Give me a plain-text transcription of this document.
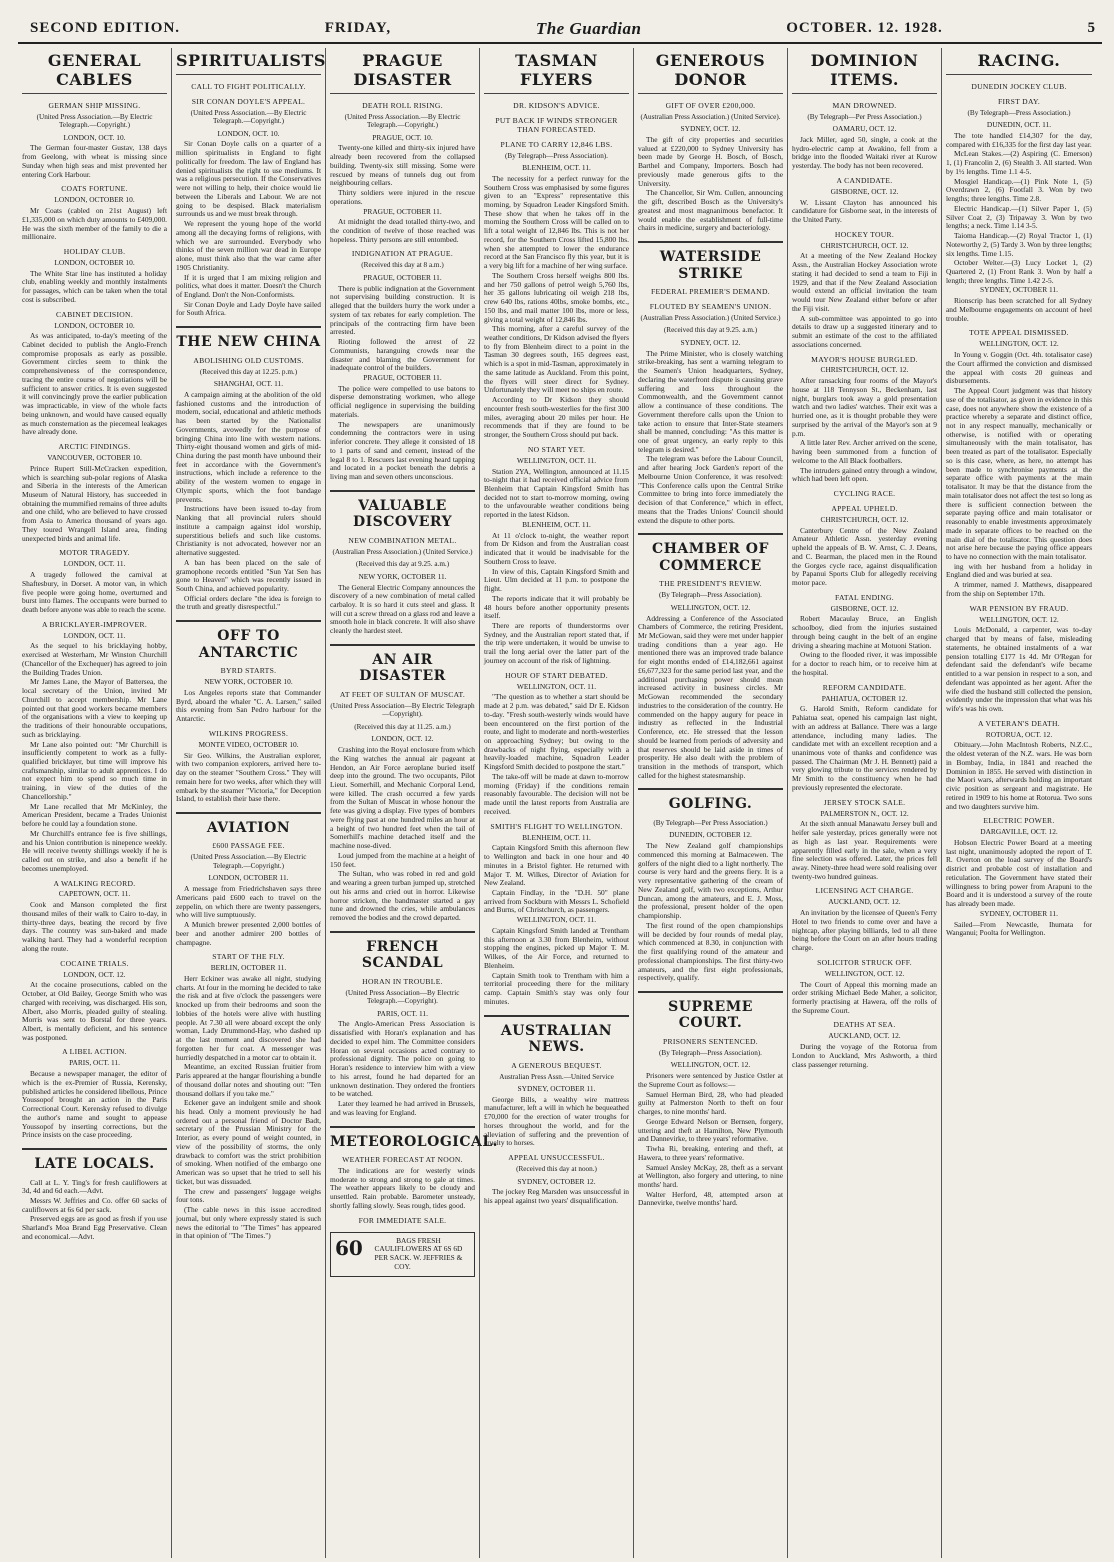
SECOND EDITION.	FRIDAY,	The Guardian	OCTOBER. 12. 1928.	5
GENERAL CABLES
GERMAN SHIP MISSING.
(United Press Association.—By Electric Telegraph.—Copyright.)
LONDON, OCT. 10.

The German four-master Gustav, 138 days from Geelong, with wheat is missing since Sunday when high seas and mist prevented her entering Cork Harbour.

COATS FORTUNE.
LONDON, OCTOBER 10.

Mr Coats (cabled on 21st August) left £1,335,000 on which duty amounts to £409,000. He was the sixth member of the family to die a millionaire.

HOLIDAY CLUB.
LONDON, OCTOBER 10.

The White Star line has instituted a holiday club, enabling weekly and monthly instalments for passages, which can be taken when the total cost is subscribed.

CABINET DECISION.
LONDON, OCTOBER 10.

As was anticipated, to-day's meeting of the Cabinet decided to publish the Anglo-French compromise proposals as early as possible. Government circles seem to think the comprehensiveness of the correspondence, tracing the entire course of negotiations will be sufficient to answer critics. It is even suggested it will convincingly prove the earlier publication was impracticable, in view of the whole facts being unknown, and would have caused equally as much consternation as the piecemeal leakages have already done.

ARCTIC FINDINGS.
VANCOUVER, OCTOBER 10.

Prince Rupert Still-McCracken expedition, which is searching sub-polar regions of Alaska and Siberia in the interests of the American Museum of Natural History, has succeeded in obtaining the mummified remains of three adults and one child, who are believed to have crossed from Asia to America thousand of years ago. They toured Wrangell Island area, finding unexpected birds and animal life.

MOTOR TRAGEDY.
LONDON, OCT. 11.

A tragedy followed the carnival at Shaftesbury, in Dorset. A motor van, in which five people were going home, overturned and burst into flames. The occupants were burned to death before anyone was able to reach the scene.

A BRICKLAYER-IMPROVER.
LONDON, OCT. 11.

As the sequel to his bricklaying hobby, exercised at Westerham, Mr Winston Churchill (Chancellor of the Exchequer) has agreed to join the Building Trades Union.

Mr James Lane, the Mayor of Battersea, the local secretary of the Union, invited Mr Churchill to accept membership. Mr Lane pointed out that good workers became members of the organisations with a view to keeping up the traditions of their honourable occupations, such as bricklaying.

Mr Lane also pointed out: "Mr Churchill is insufficiently competent to work as a fully-qualified bricklayer, but time will improve his craftsmanship, similar to adult apprentices. I do not expect him to spend so much time in training, in view of the duties of the Chancellorship."

Mr Lane recalled that Mr McKinley, the American President, became a Trades Unionist before he could lay a foundation stone.

Mr Churchill's entrance fee is five shillings, and his Union contribution is ninepence weekly. He will receive twenty shillings weekly if he is called out on strike, and also a benefit if he becomes unemployed.

A WALKING RECORD.
CAPETOWN, OCT. 11.

Cook and Manson completed the first thousand miles of their walk to Cairo to-day, in thirty-three days, beating the record by five days. The country was sun-baked and made walking hard. They had a wonderful reception along the route.

COCAINE TRIALS.
LONDON, OCT. 12.

At the cocaine prosecutions, cabled on the October, at Old Bailey, George Smith who was charged with receiving, was discharged. His son, Albert, also Morris, pleaded guilty of stealing. Morris was sent to Borstal for three years. Albert, is mentally deficient, and his sentence was postponed.

A LIBEL ACTION.
PARIS, OCT. 11.

Because a newspaper manager, the editor of which is the ex-Premier of Russia, Kerensky, published articles he considered libellous, Prince Youssopof brought an action in the Paris Correctional Court. Kerensky refused to divulge the author's name and sought to appease Youssopof by inserting corrections, but the Prince insists on the case proceeding.

LATE LOCALS.

Call at L. Y. Ting's for fresh cauliflowers at 3d, 4d and 6d each.—Advt.

Messrs W. Jeffries and Co. offer 60 sacks of cauliflowers at 6s 6d per sack.

Preserved eggs are as good as fresh if you use Sharland's Moa Brand Egg Preservative. Clean and economical.—Advt.

SPIRITUALISTS
CALL TO FIGHT POLITICALLY.
SIR CONAN DOYLE'S APPEAL.
(United Press Association.—By Electric Telegraph.—Copyright.)
LONDON, OCT. 10.

Sir Conan Doyle calls on a quarter of a million spiritualists in England to fight politically for freedom. The law of England has denied spiritualists the right to use mediums. It was a religious persecution. If the Conservatives were not willing to help, their choice would lie between the Liberals and Labour. We are not going to be despised. Black materialism surrounds us and we must break through.

We represent the young hope of the world among all the decaying forms of religions, with which we are surrounded. Everybody who thinks of the seven million war dead in Europe alone, must think also that the war came after 1905 Christianity.

If it is urged that I am mixing religion and politics, what does it matter. Doesn't the Church of England. Don't the Non-Conformists.

Sir Conan Doyle and Lady Doyle have sailed for South Africa.

THE NEW CHINA
ABOLISHING OLD CUSTOMS.
(Received this day at 12.25. p.m.)
SHANGHAI, OCT. 11.

A campaign aiming at the abolition of the old fashioned customs and the introduction of modern, social, educational and athletic methods has been started by the Nationalist Governments, avowedly for the purpose of bringing China into line with western nations. Thirty-eight thousand women and girls of mid-China during the past month have unbound their feet in accordance with the Government's instructions, which include a reference to the ability of the western women to engage in Olympic sports, which the foot bandage prevents.

Instructions have been issued to-day from Nanking that all provincial rulers should institute a campaign against idol worship, superstitious beliefs and such like customs. Christianity is not advocated, however nor an alternative suggested.

A ban has been placed on the sale of gramophone records entitled "Sun Yat Sen has gone to Heaven" which was recently issued in South China, and achieved popularity.

Official orders declare "the idea is foreign to the truth and greatly disrespectful."

OFF TO ANTARCTIC
BYRD STARTS.
NEW YORK, OCTOBER 10.

Los Angeles reports state that Commander Byrd, aboard the whaler "C. A. Larsen," sailed this evening from San Pedro harbour for the Antarctic.

WILKINS PROGRESS.
MONTE VIDEO, OCTOBER 10.

Sir Geo. Wilkins, the Australian explorer, with two companion explorers, arrived here to-day on the steamer "Southern Cross." They will remain here for two weeks, after which they will embark by the steamer "Victoria," for Deception Island, to establish their base there.

AVIATION
£600 PASSAGE FEE.
(United Press Association.—By Electric Telegraph.—Copyright.)
LONDON, OCTOBER 11.

A message from Friedrichshaven says three Americans paid £600 each to travel on the zeppelin, on which there are twenty passengers, who will live sumptuously.

A Munich brewer presented 2,000 bottles of beer and another admirer 200 bottles of champagne.

START OF THE FLY.
BERLIN, OCTOBER 11.

Herr Eckiner was awake all night, studying charts. At four in the morning he decided to take the risk and at five o'clock the passengers were knocked up from their bedrooms and soon the lobbies of the hotels were alive with hustling people. At 7.30 all were aboard except the only woman, Lady Drummond-Hay, who dashed up at the last moment and discovered she had forgotten her fur coat. A messenger was hurriedly despatched in a motor car to obtain it.

Meantime, an excited Russian fruitier from Paris appeared at the hangar flourishing a bundle of thousand dollar notes and shouting out: "Ten thousand dollars if you take me."

Eckener gave an indulgent smile and shook his head. Only a moment previously he had ordered out a personal friend of Doctor Badt, secretary of the Prussian Ministry for the Interior, as every pound of weight counted, in view of the possibility of storms, the only drawback to comfort was the strict prohibition of smoking. When notified of the embargo one American was so upset that he tried to sell his ticket, but was dissuaded.

The crew and passengers' luggage weighs four tons.

(The cable news in this issue accredited journal, but only where expressly stated is such news the editorial to "The Times" has appeared in that opinion of "The Times.")

PRAGUE DISASTER
DEATH ROLL RISING.
(United Press Association.—By Electric Telegraph.—Copyright.)
PRAGUE, OCT. 10.

Twenty-one killed and thirty-six injured have already been recovered from the collapsed building. Twenty-six still missing. Some were rescued by means of tunnels dug out from neighbouring cellars.

Thirty soldiers were injured in the rescue operations.

PRAGUE, OCTOBER 11.

At midnight the dead totalled thirty-two, and the condition of twelve of those reached was hopeless. Thirty persons are still entombed.

INDIGNATION AT PRAGUE.
(Received this day at 8 a.m.)
PRAGUE, OCTOBER 11.

There is public indignation at the Government not supervising building construction. It is alleged that the builders hurry the work under a system of tax rebates for early completion. The principals of the contracting firm have been arrested.

Rioting followed the arrest of 22 Communists, haranguing crowds near the disaster and blaming the Government for inadequate control of the builders.

PRAGUE, OCTOBER 11.

The police were compelled to use batons to disperse demonstrating workmen, who allege official negligence in supervising the building materials.

The newspapers are unanimously condemning the contractors were in using inferior concrete. They allege it consisted of 18 to 1 parts of sand and cement, instead of the legal 8 to 1. Rescuers last evening heard tapping and located in a pocket beneath the debris a living man and seven others unconscious.

VALUABLE DISCOVERY
NEW COMBINATION METAL.
(Australian Press Association.) (United Service.)
(Received this day at 9.25. a.m.)
NEW YORK, OCTOBER 11.

The General Electric Company announces the discovery of a new combination of metal called carbaloy. It is so hard it cuts steel and glass. It will cut a screw thread on a glass rod and leave a smooth hole in black concrete. It will also shave cleanly the hardest steel.

AN AIR DISASTER
AT FEET OF SULTAN OF MUSCAT.
(United Press Association—By Electric Telegraph—Copyright).
(Received this day at 11.25. a.m.)
LONDON, OCT. 12.

Crashing into the Royal enclosure from which the King watches the annual air pageant at Hendon, an Air Force aeroplane buried itself deep into the ground. The two occupants, Pilot Lieut. Somerhill, and Mechanic Corporal Lend, were killed. The crash occurred a few yards from the Sultan of Muscat in whose honour the fete was giving a display. Five types of bombers were flying past at one hundred miles an hour at a height of two hundred feet when the tail of Somerhill's machine detached itself and the machine nose-dived.

Loud jumped from the machine at a height of 150 feet.

The Sultan, who was robed in red and gold and wearing a green turban jumped up, stretched out his arms and cried out in horror. Likewise horror stricken, the bandmaster started a gay tune and drowned the cries, while ambulances removed the bodies and the crowd departed.

FRENCH SCANDAL
HORAN IN TROUBLE.
(United Press Association—By Electric Telegraph.—Copyright).
PARIS, OCT. 11.

The Anglo-American Press Association is dissatisfied with Horan's explanation and has decided to expel him. The Committee considers Horan on several occasions acted contrary to professional dignity. The police on going to Horan's residence to interview him with a view to his arrest, found he had departed for an unknown destination. They ordered the frontiers to be watched.

Later they learned he had arrived in Brussels, and was leaving for England.

METEOROLOGICAL.
WEATHER FORECAST AT NOON.

The indications are for westerly winds moderate to strong and strong to gale at times. The weather appears likely to be cloudy and unsettled. Rain probable. Barometer unsteady, shortly falling slowly. Seas rough, tides good.

FOR IMMEDIATE SALE.
60	BAGS FRESH CAULIFLOWERS AT 6S 6D PER SACK. W. JEFFRIES & COY.
TASMAN FLYERS
DR. KIDSON'S ADVICE.
PUT BACK IF WINDS STRONGER THAN FORECASTED.
PLANE TO CARRY 12,846 LBS.
(By Telegraph—Press Association).
BLENHEIM, OCT. 11.

The necessity for a perfect runway for the Southern Cross was emphasised by some figures given to an "Express" representative this morning, by Squadron Leader Kingsford Smith. These show that when he takes off in the morning the Southern Cross will be called on to lift a total weight of 12,846 lbs. This is not her record, for the Southern Cross lifted 15,800 lbs. when she attempted to lower the endurance record at the San Francisco fly this year, but it is a very big lift for a machine of her wing surface.

The Southern Cross herself weighs 800 lbs. and her 750 gallons of petrol weigh 5,760 lbs, her 35 gallons lubricating oil weigh 218 lbs, crew 640 lbs, rations 40lbs, smoke bombs, etc., 150 lbs, and mail matter 100 lbs, more or less, giving a total weight of 12,846 lbs.

This morning, after a careful survey of the weather conditions, Dr Kidson advised the flyers to fly from Blenheim direct to a point in the Tasman 30 degrees south, 165 degrees east, which is a spot in mid-Tasman, approximately in the same latitude as Auckland. From this point, the flyers will steer direct for Sydney. Unfortunately they will meet no ships en route.

According to Dr Kidson they should encounter fresh south-westerlies for the first 300 miles, averaging about 20 miles per hour. He recommends that if they are found to be stronger, the Southern Cross should put back.

NO START YET.
WELLINGTON, OCT. 11.

Station 2YA, Wellington, announced at 11.15 to-night that it had received official advice from Blenheim that Captain Kingsford Smith has decided not to start to-morrow morning, owing to the unfavourable weather conditions being reported in the latest Kidson.

BLENHEIM, OCT. 11.

At 11 o'clock to-night, the weather report from Dr Kidson and from the Australian coast indicated that it would be inadvisable for the Southern Cross to leave.

In view of this, Captain Kingsford Smith and Lieut. Ulm decided at 11 p.m. to postpone the flight.

The reports indicate that it will probably be 48 hours before another opportunity presents itself.

There are reports of thunderstorms over Sydney, and the Australian report stated that, if the trip were undertaken, it would be unwise to trail the long aerial over the latter part of the journey on account of the risk of lightning.

HOUR OF START DEBATED.
WELLINGTON, OCT. 11.

"The question as to whether a start should be made at 2 p.m. was debated," said Dr E. Kidson to-day. "Fresh south-westerly winds would have been encountered on the first portion of the route, and light to moderate and north-westerlies on approaching Sydney; but owing to the drawbacks of night flying, especially with a heavily-loaded machine, Squadron Leader Kingsford Smith decided to postpone the start."

The take-off will be made at dawn to-morrow morning (Friday) if the conditions remain reasonably favourable. The decision will not be made until the latest reports from Australia are received.

SMITH'S FLIGHT TO WELLINGTON.
BLENHEIM, OCT. 11.

Captain Kingsford Smith this afternoon flew to Wellington and back in one hour and 40 minutes in a Bristol fighter. He returned with Major T. M. Wilkes, Director of Aviation for New Zealand.

Captain Findlay, in the "D.H. 50" plane arrived from Sockburn with Messrs L. Schofield and Burns, of Christchurch, as passengers.

WELLINGTON, OCT. 11.

Captain Kingsford Smith landed at Trentham this afternoon at 3.30 from Blenheim, without stopping the engines, picked up Major T. M. Wilkes, of the Air Force, and returned to Blenheim.

Captain Smith took to Trentham with him a territorial proceeding there for the military camp. Captain Smith's stay was only four minutes.

AUSTRALIAN NEWS.
A GENEROUS BEQUEST.
Australian Press Assn.—United Service
SYDNEY, OCTOBER 11.

George Bills, a wealthy wire mattress manufacturer, left a will in which he bequeathed £70,000 for the erection of water troughs for horses throughout the world, and for the alleviation of suffering and the prevention of cruelty to horses.

APPEAL UNSUCCESSFUL.
(Received this day at noon.)
SYDNEY, OCTOBER 12.

The jockey Reg Marsden was unsuccessful in his appeal against two years' disqualification.

GENEROUS DONOR
GIFT OF OVER £200,000.
(Australian Press Association.) (United Service).
SYDNEY, OCT. 12.

The gift of city properties and securities valued at £220,000 to Sydney University has been made by George H. Bosch, of Bosch, Barthel and Company, Importers. Bosch had previously made generous gifts to the University.

The Chancellor, Sir Wm. Cullen, announcing the gift, described Bosch as the University's greatest and most magnanimous benefactor. It would enable the establishment of full-time chairs in medicine, surgery and bacteriology.

WATERSIDE STRIKE
FEDERAL PREMIER'S DEMAND.
FLOUTED BY SEAMEN'S UNION.
(Australian Press Association.) (United Service.)
(Received this day at 9.25. a.m.)
SYDNEY, OCT. 12.

The Prime Minister, who is closely watching strike-breaking, has sent a warning telegram to the Seamen's Union headquarters, Sydney, declaring the waterfront dispute is causing grave suffering and loss throughout the Commonwealth, and the Government cannot allow a continuance of these conditions. The Government therefore calls upon the Union to take action to ensure that Inter-State steamers shall be manned, concluding: "As this matter is one of great urgency, an early reply to this telegram is desired."

The telegram was before the Labour Council, and after hearing Jock Garden's report of the Melbourne Union Conference, it was resolved: "This Conference calls upon the Central Strike Committee to bring into force immediately the decision of that Conference," which in effect, means that the Trades Unions' Council should extend the dispute to other ports.

CHAMBER OF COMMERCE
THE PRESIDENT'S REVIEW.
(By Telegraph—Press Association).
WELLINGTON, OCT. 12.

Addressing a Conference of the Associated Chambers of Commerce, the retiring President, Mr McGowan, said they were met under happier trading conditions than a year ago. He mentioned there was an improved trade balance for eight months ended of £14,182,661 against £6,677,323 for the same period last year, and the additional purchasing power should mean increased activity in business circles. Mr McGowan recommended the secondary industries to the consideration of the country. He commended on the happy augury for peace in industry as reflected in the Industrial Conference, etc. He stressed that the lesson should be learned from periods of adversity and that reserves should be laid aside in times of prosperity. He also dealt with the problem of transition in the methods of transport, which called for the highest statesmanship.

GOLFING.
(By Telegraph—Per Press Association.)
DUNEDIN, OCTOBER 12.

The New Zealand golf championships commenced this morning at Balmacewen. The golfers of the night died to a light northerly. The course is very hard and the greens fiery. It is a very representative gathering of the cream of New Zealand golf, with two exceptions, Arthur Duncan, among the amateurs, and E. J. Moss, the professional, present holder of the open championship.

The first round of the open championships will be decided by four rounds of medal play, which commenced at 8.30, in conjunction with the first qualifying round of the amateur and professional championships. The first thirty-two amateurs, and the first eight professionals, respectively, qualify.

SUPREME COURT.
PRISONERS SENTENCED.
(By Telegraph—Press Association).
WELLINGTON, OCT. 12.

Prisoners were sentenced by Justice Ostler at the Supreme Court as follows:—

Samuel Herman Bird, 28, who had pleaded guilty at Palmerston North to theft on four charges, to nine months' hard.

George Edward Nelson or Bernsen, forgery, uttering and theft at Hamilton, New Plymouth and Dannevirke, to three years' reformative.

Tiwha Ri, breaking, entering and theft, at Hawera, to three years' reformative.

Samuel Ansley McKay, 28, theft as a servant at Wellington, also forgery and uttering, to nine months' hard.

Walter Herford, 48, attempted arson at Dannevirke, twelve months' hard.

DOMINION ITEMS.
MAN DROWNED.
(By Telegraph—Per Press Association.)
OAMARU, OCT. 12.

Jack Miller, aged 50, single, a cook at the hydro-electric camp at Awakino, fell from a bridge into the flooded Waitaki river at Kurow yesterday. The body has not been recovered.

A CANDIDATE.
GISBORNE, OCT. 12.

W. Lissant Clayton has announced his candidature for Gisborne seat, in the interests of the United Party.

HOCKEY TOUR.
CHRISTCHURCH, OCT. 12.

At a meeting of the New Zealand Hockey Assn., the Australian Hockey Association wrote stating it had decided to send a team to Fiji in 1929, and that if the New Zealand Association would extend an official invitation the team would tour New Zealand either before or after the Fiji visit.

A sub-committee was appointed to go into details to draw up a suggested itinerary and to submit an estimate of the cost to the affiliated associations concerned.

MAYOR'S HOUSE BURGLED.
CHRISTCHURCH, OCT. 12.

After ransacking four rooms of the Mayor's house at 118 Tennyson St., Beckenham, last night, burglars took away a gold presentation watch and two ladies' watches. Their exit was a hurried one, as it is thought probable they were surprised by the arrival of the Mayor's son at 9 p.m.

A little later Rev. Archer arrived on the scene, having been summoned from a function of welcome to the All Black footballers.

The intruders gained entry through a window, which had been left open.

CYCLING RACE.
APPEAL UPHELD.
CHRISTCHURCH, OCT. 12.

Canterbury Centre of the New Zealand Amateur Athletic Assn. yesterday evening upheld the appeals of B. W. Arnst, C. J. Deans, and C. Bearman, the placed men in the Round the Gorges cycle race, against disqualification by Papanui Sports Club for allegedly receiving motor pace.

FATAL ENDING.
GISBORNE, OCT. 12.

Robert Macaulay Bruce, an English schoolboy, died from the injuries sustained through being caught in the belt of an engine driving a shearing machine at Motuoni Station.

Owing to the flooded river, it was impossible for a doctor to reach him, or to receive him at the hospital.

REFORM CANDIDATE.
PAHIATUA, OCTOBER 12.

G. Harold Smith, Reform candidate for Pahiatua seat, opened his campaign last night, with an address at Ballance. There was a large attendance, including many ladies. The candidate met with an excellent reception and a unanimous vote of thanks and confidence was passed. The Chairman (Mr J. H. Bennett) paid a very glowing tribute to the services rendered by Mr Smith to the constituency when he had previously represented the electorate.

JERSEY STOCK SALE.
PALMERSTON N., OCT. 12.

At the sixth annual Manawatu Jersey bull and heifer sale yesterday, prices generally were not as high as last year. Requirements were apparently filled early in the sale, when a very fine selection was offered. Later, the prices fell away. Ninety-three head were sold realising over twenty-two hundred guineas.

LICENSING ACT CHARGE.
AUCKLAND, OCT. 12.

An invitation by the licensee of Queen's Ferry Hotel to two friends to come over and have a nightcap, after playing billiards, led to all three being before the Court on an after hours trading charge.

SOLICITOR STRUCK OFF.
WELLINGTON, OCT. 12.

The Court of Appeal this morning made an order striking Michael Bede Maher, a solicitor, formerly practising at Hawera, off the rolls of the Supreme Court.

DEATHS AT SEA.
AUCKLAND, OCT. 12.

During the voyage of the Rotorua from London to Auckland, Mrs Ashworth, a third class passenger returning.

RACING.
DUNEDIN JOCKEY CLUB.
FIRST DAY.
(By Telegraph—Press Association.)
DUNEDIN, OCT. 11.

The tote handled £14,307 for the day, compared with £16,335 for the first day last year.

McLean Stakes.—(2) Aspiring (C. Emerson) 1, (1) Francolin 2, (6) Stealth 3. All started. Won by 1½ lengths. Time 1.1 4-5.

Mosgiel Handicap.—(1) Pink Note 1, (5) Overdrawn 2, (6) Footfall 3. Won by two lengths; three lengths. Time 2.8.

Electric Handicap.—(1) Silver Paper 1, (5) Silver Coat 2, (3) Tripaway 3. Won by two lengths; a neck. Time 1.14 3-5.

Taioma Handicap.—(2) Royal Tractor 1, (1) Noteworthy 2, (5) Tardy 3. Won by three lengths; six lengths. Time 1.15.

October Welter.—(3) Lucy Locket 1, (2) Quartered 2, (1) Front Rank 3. Won by half a length; three lengths. Time 1.42 2-5.

SYDNEY, OCTOBER 11.

Rionscrip has been scratched for all Sydney and Melbourne engagements on account of heel trouble.

TOTE APPEAL DISMISSED.
WELLINGTON, OCT. 12.

In Young v. Goggin (Oct. 4th. totalisator case) the Court affirmed the conviction and dismissed the appeal with costs 20 guineas and disbursements.

The Appeal Court judgment was that history use of the totalisator, as given in evidence in this case, does not anywhere show the existence of a practice whereby a separate and distinct office, not in any respect manually, mechanically or otherwise, is notified with or operating simultaneously with the main totalisator, has been treated as part of the totalisator. Especially so is this case, where, as here, no attempt has been made to synchronise payments at the separate office with payments at the main totalisator. It may be that the distance from the main totalisator does not affect the test so long as there is sufficient connection between the separate paying office and main totalisator or reasonably to enable investments approximately made in separate offices to be reached on the main dial of the totalisator. This question does not arise here because the paying office appears to have no connection with the main totalisator.

ing with her husband from a holiday in England died and was buried at sea.

A trimmer, named J. Matthews, disappeared from the ship on September 17th.

WAR PENSION BY FRAUD.
WELLINGTON, OCT. 12.

Louis McDonald, a carpenter, was to-day charged that by means of false, misleading statements, he obtained instalments of a war pension totalling £177 1s 4d. Mr O'Regan for defendant said the defendant's wife became entitled to a war pension in respect to a son, and defendant was appointed as her agent. After the wife died the husband still collected the pension, evidently under the impression that what was his wife's was his own.

A VETERAN'S DEATH.
ROTORUA, OCT. 12.

Obituary.—John MacIntosh Roberts, N.Z.C., the oldest veteran of the N.Z. wars. He was born in Bombay, India, in 1841 and reached the Dominion in 1855. He served with distinction in the Maori wars, afterwards holding an important civic position as sergeant and magistrate. He retired in 1909 to his home at Rotorua. Two sons and two daughters survive him.

ELECTRIC POWER.
DARGAVILLE, OCT. 12.

Hobson Electric Power Board at a meeting last night, unanimously adopted the report of T. R. Overton on the load survey of the Board's district and probable cost of installation and reticulation. The Government have stated their willingness to bring power from Arapuni to the Board and it is understood a survey of the route has already been made.

SYDNEY, OCTOBER 11.

Sailed—From Newcastle, Ihumata for Wanganui; Poolta for Wellington.
